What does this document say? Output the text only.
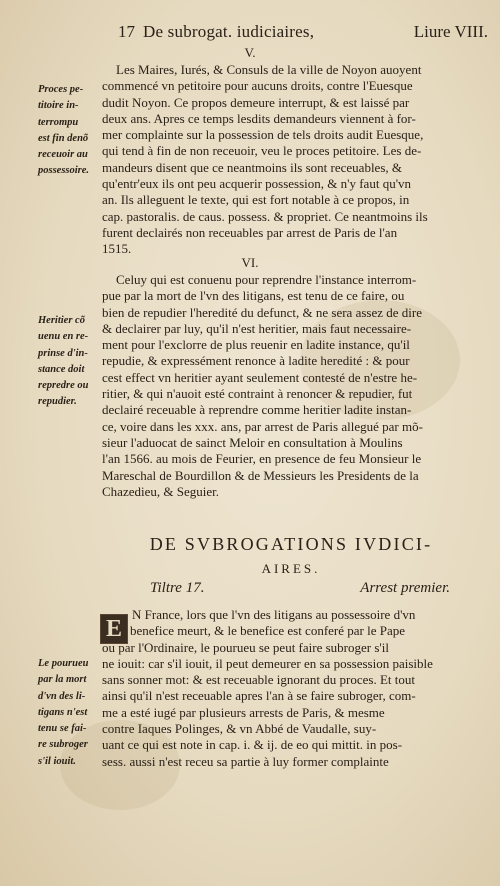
17 De subrogat. iudiciaires,	Liure VIII.
V.
Proces pe-
titoire in-
terrompu
est fin denõ
receuoir au
possessoire.
Les Maires, Iurés, & Consuls de la ville de Noyon auoyent
commencé vn petitoire pour aucuns droits, contre l'Euesque
dudit Noyon. Ce propos demeure interrupt, & est laissé par
deux ans. Apres ce temps lesdits demandeurs viennent à for-
mer complainte sur la possession de tels droits audit Euesque,
qui tend à fin de non receuoir, veu le proces petitoire. Les de-
mandeurs disent que ce neantmoins ils sont receuables, &
qu'entr'eux ils ont peu acquerir possession, & n'y faut qu'vn
an. Ils alleguent le texte, qui est fort notable à ce propos, in
cap. pastoralis. de caus. possess. & propriet. Ce neantmoins ils
furent declairés non receuables par arrest de Paris de l'an
1515.
VI.
Heritier cõ
uenu en re-
prinse d'in-
stance doit
repredre ou
repudier.
Celuy qui est conuenu pour reprendre l'instance interrom-
pue par la mort de l'vn des litigans, est tenu de ce faire, ou
bien de repudier l'heredité du defunct, & ne sera assez de dire
& declairer par luy, qu'il n'est heritier, mais faut necessaire-
ment pour l'exclorre de plus reuenir en ladite instance, qu'il
repudie, & expressément renonce à ladite heredité : & pour
cest effect vn heritier ayant seulement contesté de n'estre he-
ritier, & qui n'auoit esté contraint à renoncer & repudier, fut
declairé receuable à reprendre comme heritier ladite instan-
ce, voire dans les xxx. ans, par arrest de Paris allegué par mõ-
sieur l'aduocat de sainct Meloir en consultation à Moulins
l'an 1566. au mois de Feurier, en presence de feu Monsieur le
Mareschal de Bourdillon & de Messieurs les Presidents de la
Chazedieu, & Seguier.
DE SVBROGATIONS IVDICI-
AIRES.
Tiltre 17.	Arrest premier.
E
Le pourueu
par la mort
d'vn des li-
tigans n'est
tenu se fai-
re subroger
s'il iouit.
N France, lors que l'vn des litigans au possessoire d'vn
benefice meurt, & le benefice est conferé par le Pape
ou par l'Ordinaire, le pourueu se peut faire subroger s'il
ne iouit: car s'il iouit, il peut demeurer en sa possession paisible
sans sonner mot: & est receuable ignorant du proces. Et tout
ainsi qu'il n'est receuable apres l'an à se faire subroger, com-
me a esté iugé par plusieurs arrests de Paris, & mesme
contre Iaques Polinges, & vn Abbé de Vaudalle, suy-
uant ce qui est note in cap. i. & ij. de eo qui mittit. in pos-
sess. aussi n'est receu sa partie à luy former complainte
